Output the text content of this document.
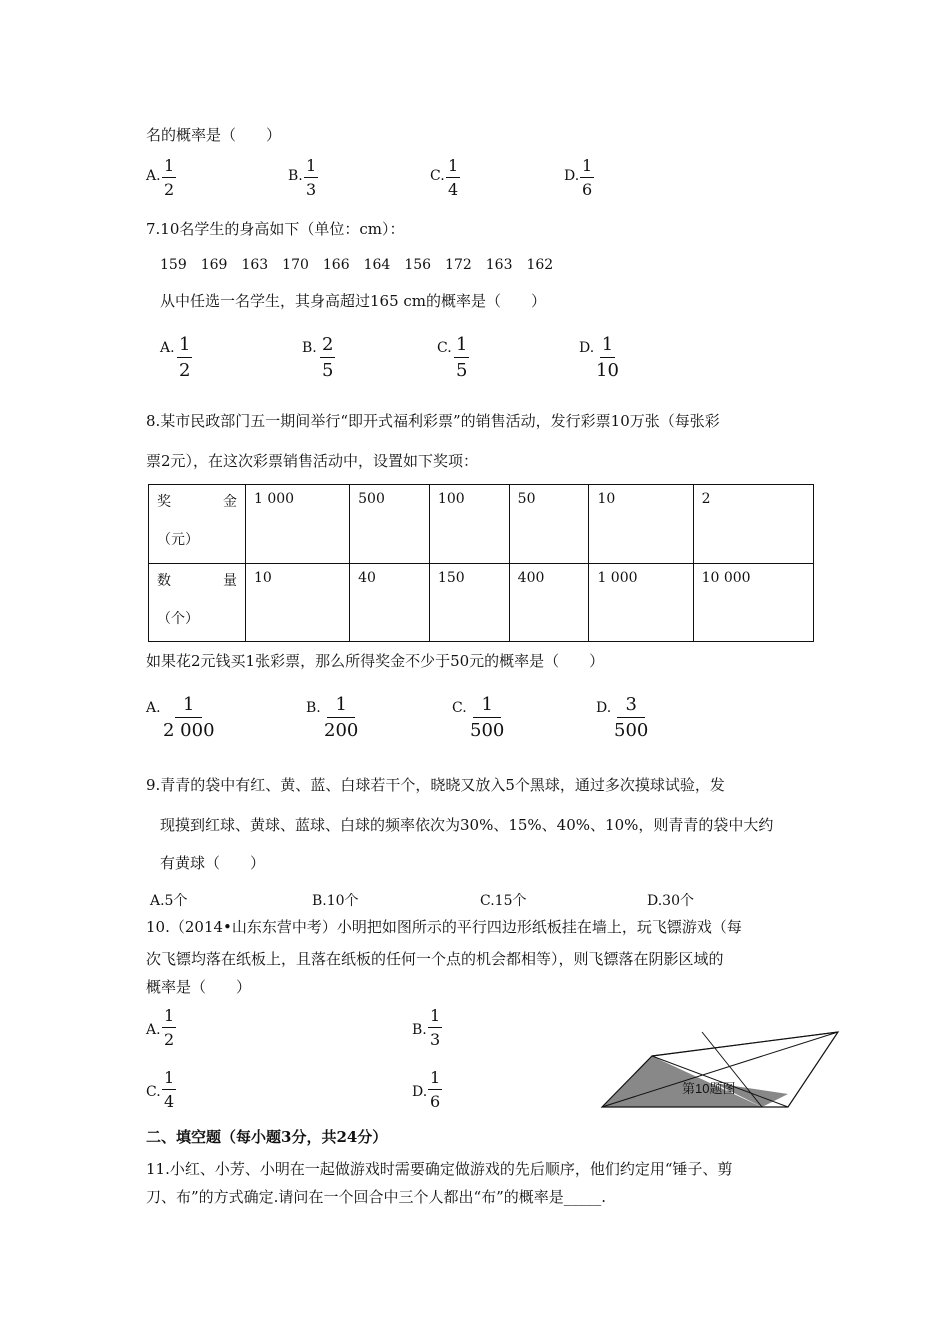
名的概率是（　　）
A. $\frac{1}{2}$	B. $\frac{1}{3}$	C. $\frac{1}{4}$	D. $\frac{1}{6}$
7.10名学生的身高如下（单位：cm）：
159　169　163　170　166　164　156　172　163　162
从中任选一名学生，其身高超过165 cm的概率是（　　）
A. $\frac{1}{2}$	B. $\frac{2}{5}$	C. $\frac{1}{5}$	D. $\frac{1}{10}$
8.某市民政部门五一期间举行“即开式福利彩票”的销售活动，发行彩票10万张（每张彩
票2元），在这次彩票销售活动中，设置如下奖项：
奖 金
（元）	1 000	500	100	50	10	2

数 量
（个）	10	40	150	400	1 000	10 000
如果花2元钱买1张彩票，那么所得奖金不少于50元的概率是（　　）
A. $\frac{1}{2 000}$	B. $\frac{1}{200}$	C. $\frac{1}{500}$	D. $\frac{3}{500}$
9.青青的袋中有红、黄、蓝、白球若干个，晓晓又放入5个黑球，通过多次摸球试验，发
现摸到红球、黄球、蓝球、白球的频率依次为30%、15%、40%、10%，则青青的袋中大约
有黄球（　　）
A.5个	B.10个	C.15个	D.30个
10.（2014•山东东营中考）小明把如图所示的平行四边形纸板挂在墙上，玩飞镖游戏（每
次飞镖均落在纸板上，且落在纸板的任何一个点的机会都相等），则飞镖落在阴影区域的
概率是（　　）
A. $\frac{1}{2}$	B. $\frac{1}{3}$
C. $\frac{1}{4}$	D. $\frac{1}{6}$	第10题图
二、填空题（每小题3分，共24分）
11.小红、小芳、小明在一起做游戏时需要确定做游戏的先后顺序，他们约定用“锤子、剪
刀、布”的方式确定.请问在一个回合中三个人都出“布”的概率是_____.
